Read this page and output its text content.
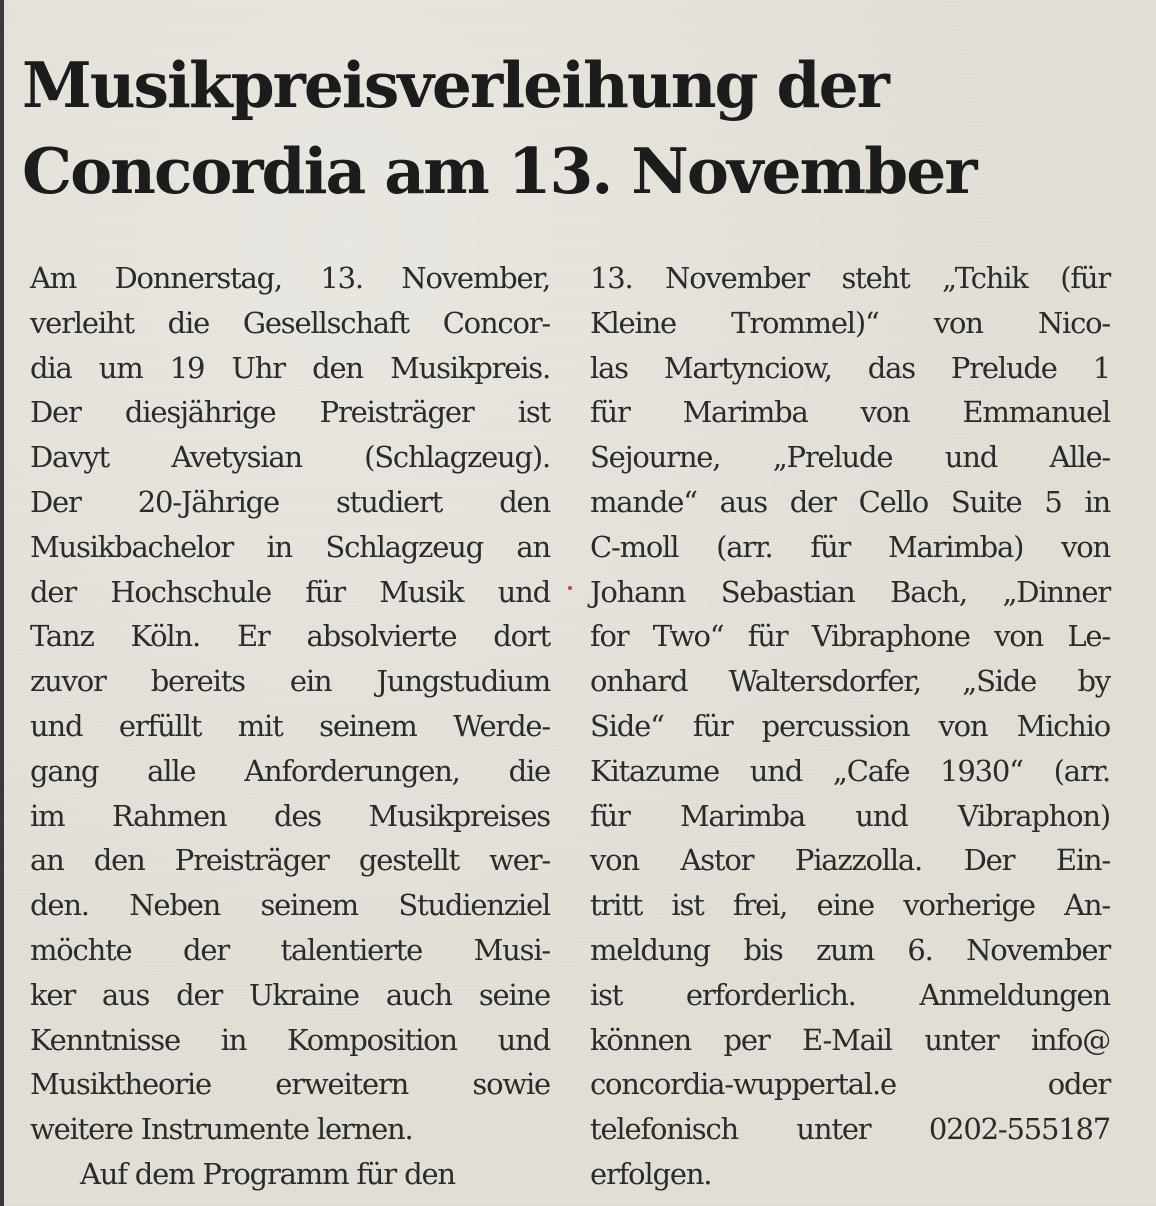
Musikpreisverleihung der
Concordia am 13. November
Am Donnerstag, 13. November,
verleiht die Gesellschaft Concor-
dia um 19 Uhr den Musikpreis.
Der diesjährige Preisträger ist
Davyt Avetysian (Schlagzeug).
Der 20-Jährige studiert den
Musikbachelor in Schlagzeug an
der Hochschule für Musik und
Tanz Köln. Er absolvierte dort
zuvor bereits ein Jungstudium
und erfüllt mit seinem Werde-
gang alle Anforderungen, die
im Rahmen des Musikpreises
an den Preisträger gestellt wer-
den. Neben seinem Studienziel
möchte der talentierte Musi-
ker aus der Ukraine auch seine
Kenntnisse in Komposition und
Musiktheorie erweitern sowie
weitere Instrumente lernen.
Auf dem Programm für den
13. November steht „Tchik (für
Kleine Trommel)“ von Nico-
las Martynciow, das Prelude 1
für Marimba von Emmanuel
Sejourne, „Prelude und Alle-
mande“ aus der Cello Suite 5 in
C-moll (arr. für Marimba) von
Johann Sebastian Bach, „Dinner
for Two“ für Vibraphone von Le-
onhard Waltersdorfer, „Side by
Side“ für percussion von Michio
Kitazume und „Cafe 1930“ (arr.
für Marimba und Vibraphon)
von Astor Piazzolla. Der Ein-
tritt ist frei, eine vorherige An-
meldung bis zum 6. November
ist erforderlich. Anmeldungen
können per E-Mail unter info@
concordia-wuppertal.e oder
telefonisch unter 0202-555187
erfolgen.
